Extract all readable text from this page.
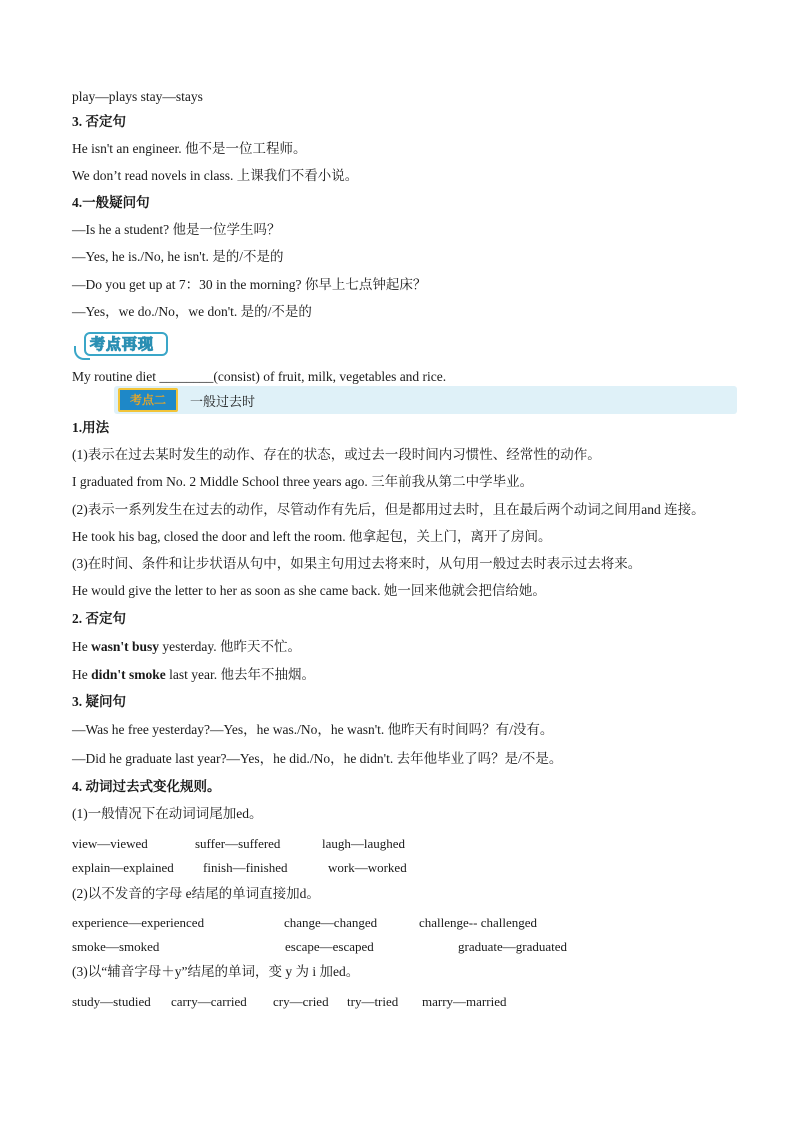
play—plays stay—stays
3. 否定句
He isn't an engineer. 他不是一位工程师。
We don’t read novels in class. 上课我们不看小说。
4.一般疑问句
—Is he a student? 他是一位学生吗？
—Yes, he is./No, he isn't. 是的/不是的
—Do you get up at 7：30 in the morning? 你早上七点钟起床？
—Yes，we do./No，we don't. 是的/不是的
考点再现
My routine diet ________(consist) of fruit, milk, vegetables and rice.
考点二	一般过去时
1.用法
(1)表示在过去某时发生的动作、存在的状态，或过去一段时间内习惯性、经常性的动作。
I graduated from No. 2 Middle School three years ago. 三年前我从第二中学毕业。
(2)表示一系列发生在过去的动作，尽管动作有先后，但是都用过去时，且在最后两个动词之间用and 连接。
He took his bag, closed the door and left the room. 他拿起包，关上门，离开了房间。
(3)在时间、条件和让步状语从句中，如果主句用过去将来时，从句用一般过去时表示过去将来。
He would give the letter to her as soon as she came back. 她一回来他就会把信给她。
2. 否定句
He wasn't busy yesterday. 他昨天不忙。
He didn't smoke last year. 他去年不抽烟。
3. 疑问句
—Was he free yesterday?—Yes，he was./No，he wasn't. 他昨天有时间吗？有/没有。
—Did he graduate last year?—Yes，he did./No，he didn't. 去年他毕业了吗？是/不是。
4. 动词过去式变化规则。
(1)一般情况下在动词词尾加ed。
view—viewed	suffer—suffered	laugh—laughed
explain—explained finish—finished	work—worked
(2)以不发音的字母 e结尾的单词直接加d。
experience—experienced	change—changed	challenge-- challenged
smoke—smoked	escape—escaped	graduate—graduated
(3)以“辅音字母＋y”结尾的单词，变 y 为 i 加ed。
study—studied carry—carried cry—cried try—tried marry—married
